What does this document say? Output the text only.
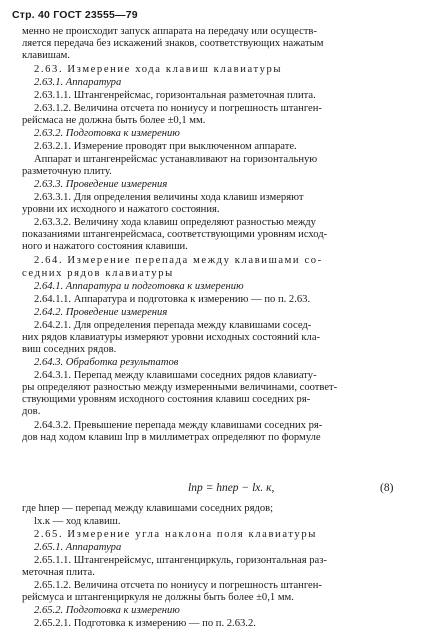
Стр. 40 ГОСТ 23555—79
менно не происходит запуск аппарата на передачу или осуществ-
ляется передача без искажений знаков, соответствующих нажатым
клавишам.
2.63. Измерение хода клавиш клавиатуры
2.63.1. Аппаратура
2.63.1.1. Штангенрейсмас, горизонтальная разметочная плита.
2.63.1.2. Величина отсчета по нониусу и погрешность штанген-
рейсмаса не должна быть более ±0,1 мм.
2.63.2. Подготовка к измерению
2.63.2.1. Измерение проводят при выключенном аппарате.
Аппарат и штангенрейсмас устанавливают на горизонтальную
разметочную плиту.
2.63.3. Проведение измерения
2.63.3.1. Для определения величины хода клавиш измеряют
уровни их исходного и нажатого состояния.
2.63.3.2. Величину хода клавиш определяют разностью между
показаниями штангенрейсмаса, соответствующими уровням исход-
ного и нажатого состояния клавиши.
2.64. Измерение перепада между клавишами со-
седних рядов клавиатуры
2.64.1. Аппаратура и подготовка к измерению
2.64.1.1. Аппаратура и подготовка к измерению — по п. 2.63.
2.64.2. Проведение измерения
2.64.2.1. Для определения перепада между клавишами сосед-
них рядов клавиатуры измеряют уровни исходных состояний кла-
виш соседних рядов.
2.64.3. Обработка результатов
2.64.3.1. Перепад между клавишами соседних рядов клавиату-
ры определяют разностью между измеренными величинами, соответ-
ствующими уровням исходного состояния клавиш соседних ря-
дов.
2.64.3.2. Превышение перепада между клавишами соседних ря-
дов над ходом клавиш lпр в миллиметрах определяют по формуле
где hпер — перепад между клавишами соседних рядов;
lх.к — ход клавиш.
2.65. Измерение угла наклона поля клавиатуры
2.65.1. Аппаратура
2.65.1.1. Штангенрейсмус, штангенциркуль, горизонтальная раз-
меточная плита.
2.65.1.2. Величина отсчета по нониусу и погрешность штанген-
рейсмуса и штангенциркуля не должны быть более ±0,1 мм.
2.65.2. Подготовка к измерению
2.65.2.1. Подготовка к измерению — по п. 2.63.2.
lпр = hпер − lх. к,	(8)
